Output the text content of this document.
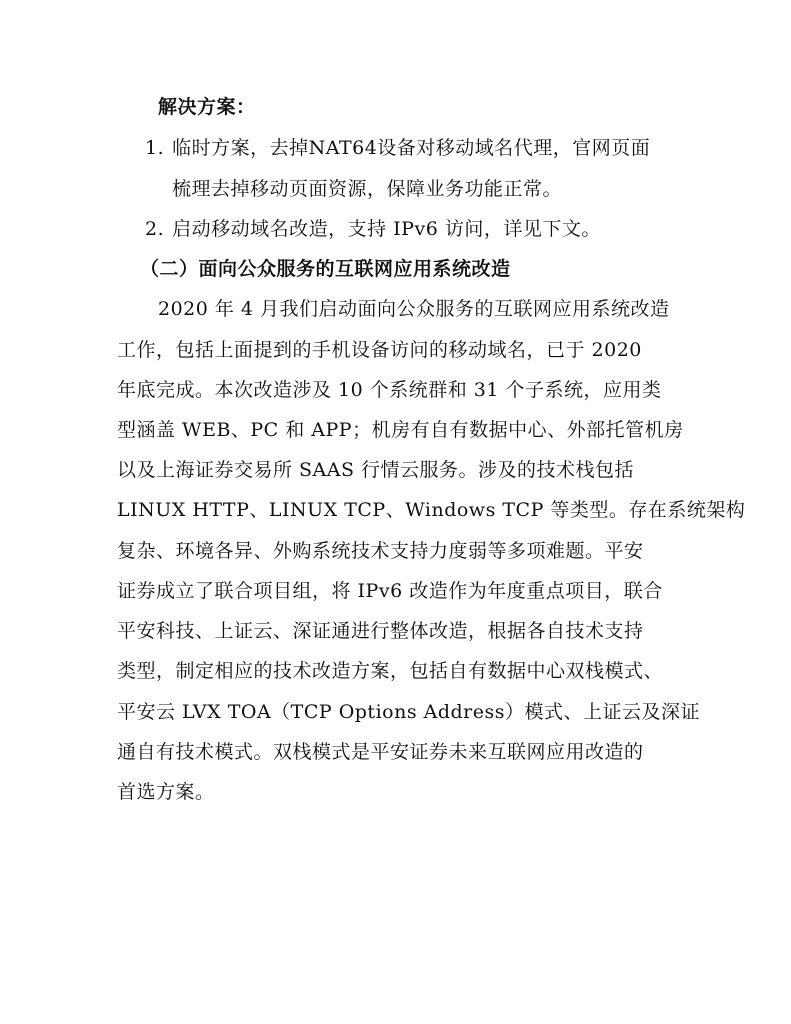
解决方案：
1. 临时方案，去掉NAT64设备对移动域名代理，官网页面
梳理去掉移动页面资源，保障业务功能正常。
2. 启动移动域名改造，支持 IPv6 访问，详见下文。
（二）面向公众服务的互联网应用系统改造
2020 年 4 月我们启动面向公众服务的互联网应用系统改造
工作，包括上面提到的手机设备访问的移动域名，已于 2020
年底完成。本次改造涉及 10 个系统群和 31 个子系统，应用类
型涵盖 WEB、PC 和 APP；机房有自有数据中心、外部托管机房
以及上海证券交易所 SAAS 行情云服务。涉及的技术栈包括
LINUX HTTP、LINUX TCP、Windows TCP 等类型。存在系统架构
复杂、环境各异、外购系统技术支持力度弱等多项难题。平安
证券成立了联合项目组，将 IPv6 改造作为年度重点项目，联合
平安科技、上证云、深证通进行整体改造，根据各自技术支持
类型，制定相应的技术改造方案，包括自有数据中心双栈模式、
平安云 LVX TOA（TCP Options Address）模式、上证云及深证
通自有技术模式。双栈模式是平安证券未来互联网应用改造的
首选方案。
